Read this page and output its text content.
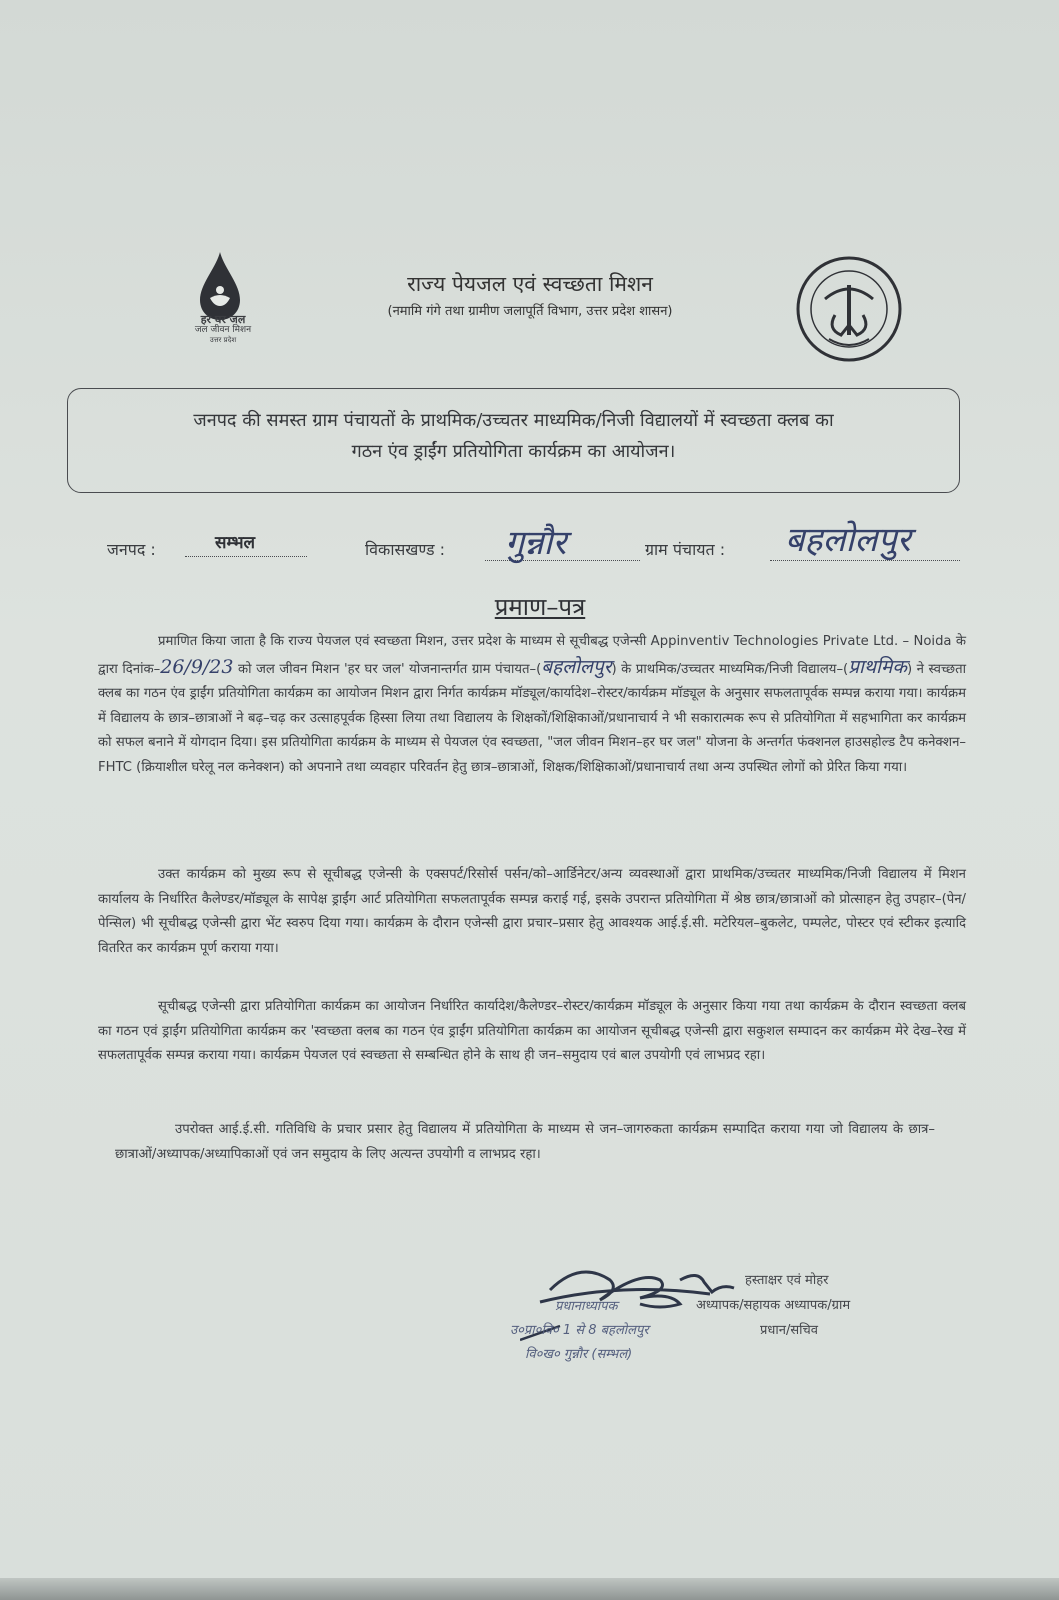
हर घर जल
जल जीवन मिशन
उत्तर प्रदेश
राज्य पेयजल एवं स्वच्छता मिशन
(नमामि गंगे तथा ग्रामीण जलापूर्ति विभाग, उत्तर प्रदेश शासन)
जनपद की समस्त ग्राम पंचायतों के प्राथमिक/उच्चतर माध्यमिक/निजी विद्यालयों में स्वच्छता क्लब का
गठन एंव ड्राईंग प्रतियोगिता कार्यक्रम का आयोजन।
जनपद :	सम्भल	विकासखण्ड : गुन्नौर	ग्राम पंचायत : बहलोलपुर
प्रमाण–पत्र
प्रमाणित किया जाता है कि राज्य पेयजल एवं स्वच्छता मिशन, उत्तर प्रदेश के माध्यम से सूचीबद्ध एजेन्सी Appinventiv Technologies Private Ltd. – Noida के द्वारा दिनांक–26/9/23 को जल जीवन मिशन 'हर घर जल' योजनान्तर्गत ग्राम पंचायत–(बहलोलपुर) के प्राथमिक/उच्चतर माध्यमिक/निजी विद्यालय–(प्राथमिक) ने स्वच्छता क्लब का गठन एंव ड्राईंग प्रतियोगिता कार्यक्रम का आयोजन मिशन द्वारा निर्गत कार्यक्रम मॉड्यूल/कार्यादेश–रोस्टर/कार्यक्रम मॉड्यूल के अनुसार सफलतापूर्वक सम्पन्न कराया गया। कार्यक्रम में विद्यालय के छात्र–छात्राओं ने बढ़–चढ़ कर उत्साहपूर्वक हिस्सा लिया तथा विद्यालय के शिक्षकों/शिक्षिकाओं/प्रधानाचार्य ने भी सकारात्मक रूप से प्रतियोगिता में सहभागिता कर कार्यक्रम को सफल बनाने में योगदान दिया। इस प्रतियोगिता कार्यक्रम के माध्यम से पेयजल एंव स्वच्छता, "जल जीवन मिशन–हर घर जल" योजना के अन्तर्गत फंक्शनल हाउसहोल्ड टैप कनेक्शन–FHTC (क्रियाशील घरेलू नल कनेक्शन) को अपनाने तथा व्यवहार परिवर्तन हेतु छात्र–छात्राओं, शिक्षक/शिक्षिकाओं/प्रधानाचार्य तथा अन्य उपस्थित लोगों को प्रेरित किया गया।
उक्त कार्यक्रम को मुख्य रूप से सूचीबद्ध एजेन्सी के एक्सपर्ट/रिसोर्स पर्सन/को–आर्डिनेटर/अन्य व्यवस्थाओं द्वारा प्राथमिक/उच्चतर माध्यमिक/निजी विद्यालय में मिशन कार्यालय के निर्धारित कैलेण्डर/मॉड्यूल के सापेक्ष ड्राईंग आर्ट प्रतियोगिता सफलतापूर्वक सम्पन्न कराई गई, इसके उपरान्त प्रतियोगिता में श्रेष्ठ छात्र/छात्राओं को प्रोत्साहन हेतु उपहार–(पेन/पेन्सिल) भी सूचीबद्ध एजेन्सी द्वारा भेंट स्वरुप दिया गया। कार्यक्रम के दौरान एजेन्सी द्वारा प्रचार–प्रसार हेतु आवश्यक आई.ई.सी. मटेरियल–बुकलेट, पम्पलेट, पोस्टर एवं स्टीकर इत्यादि वितरित कर कार्यक्रम पूर्ण कराया गया।
सूचीबद्ध एजेन्सी द्वारा प्रतियोगिता कार्यक्रम का आयोजन निर्धारित कार्यादेश/कैलेण्डर–रोस्टर/कार्यक्रम मॉड्यूल के अनुसार किया गया तथा कार्यक्रम के दौरान स्वच्छता क्लब का गठन एवं ड्राईंग प्रतियोगिता कार्यक्रम कर 'स्वच्छता क्लब का गठन एंव ड्राईंग प्रतियोगिता कार्यक्रम का आयोजन सूचीबद्ध एजेन्सी द्वारा सकुशल सम्पादन कर कार्यक्रम मेरे देख–रेख में सफलतापूर्वक सम्पन्न कराया गया। कार्यक्रम पेयजल एवं स्वच्छता से सम्बन्धित होने के साथ ही जन–समुदाय एवं बाल उपयोगी एवं लाभप्रद रहा।
उपरोक्त आई.ई.सी. गतिविधि के प्रचार प्रसार हेतु विद्यालय में प्रतियोगिता के माध्यम से जन–जागरुकता कार्यक्रम सम्पादित कराया गया जो विद्यालय के छात्र–छात्राओं/अध्यापक/अध्यापिकाओं एवं जन समुदाय के लिए अत्यन्त उपयोगी व लाभप्रद रहा।
हस्ताक्षर एवं मोहर
अध्यापक/सहायक अध्यापक/ग्राम
प्रधान/सचिव
प्रधानाध्यापक
उ०प्रा०वि० 1 से 8 बहलोलपुर
वि०ख० गुन्नौर (सम्भल)
